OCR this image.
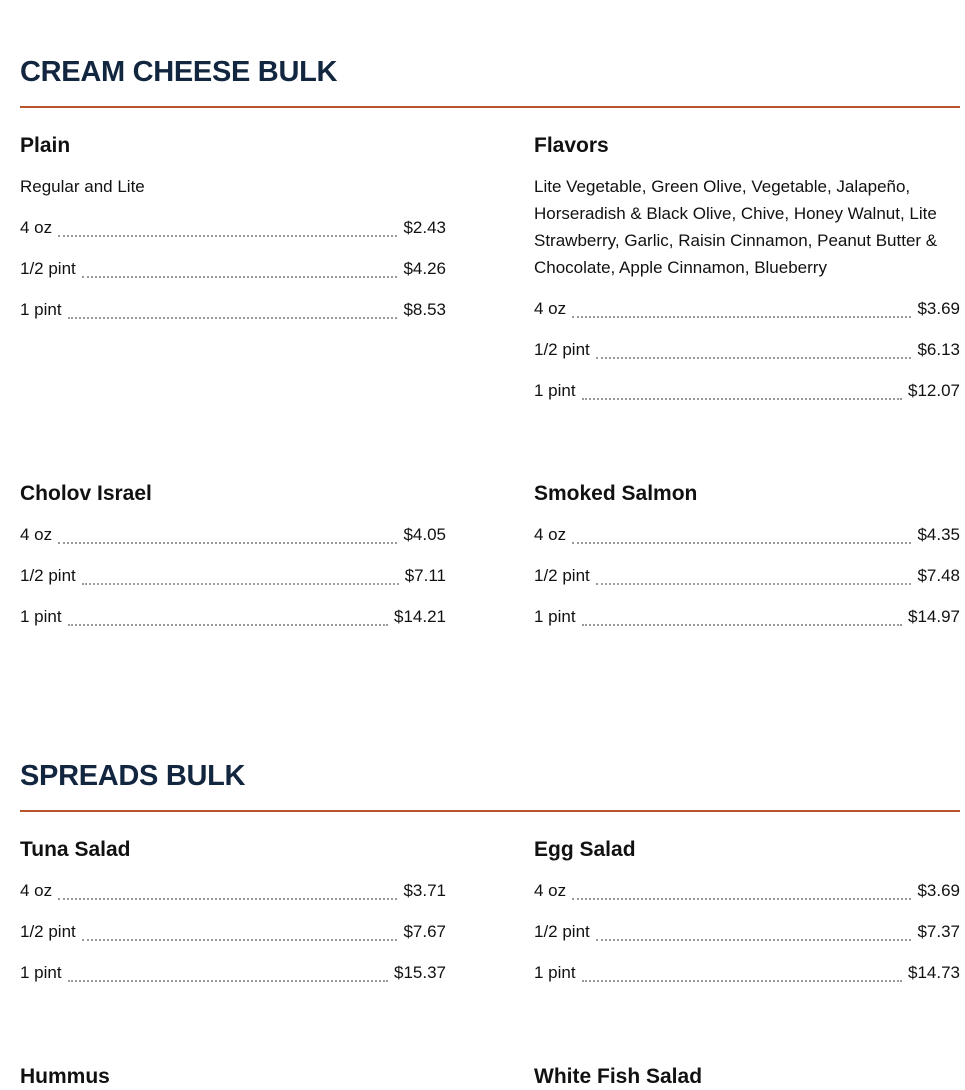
CREAM CHEESE BULK
Plain

Regular and Lite

4 oz	$2.43
1/2 pint	$4.26
1 pint	$8.53
Flavors

Lite Vegetable, Green Olive, Vegetable, Jalapeño, Horseradish & Black Olive, Chive, Honey Walnut, Lite Strawberry, Garlic, Raisin Cinnamon, Peanut Butter & Chocolate, Apple Cinnamon, Blueberry

4 oz	$3.69
1/2 pint	$6.13
1 pint	$12.07
Cholov Israel
4 oz	$4.05
1/2 pint	$7.11
1 pint	$14.21
Smoked Salmon
4 oz	$4.35
1/2 pint	$7.48
1 pint	$14.97
SPREADS BULK
Tuna Salad
4 oz	$3.71
1/2 pint	$7.67
1 pint	$15.37
Egg Salad
4 oz	$3.69
1/2 pint	$7.37
1 pint	$14.73
Hummus	White Fish Salad
